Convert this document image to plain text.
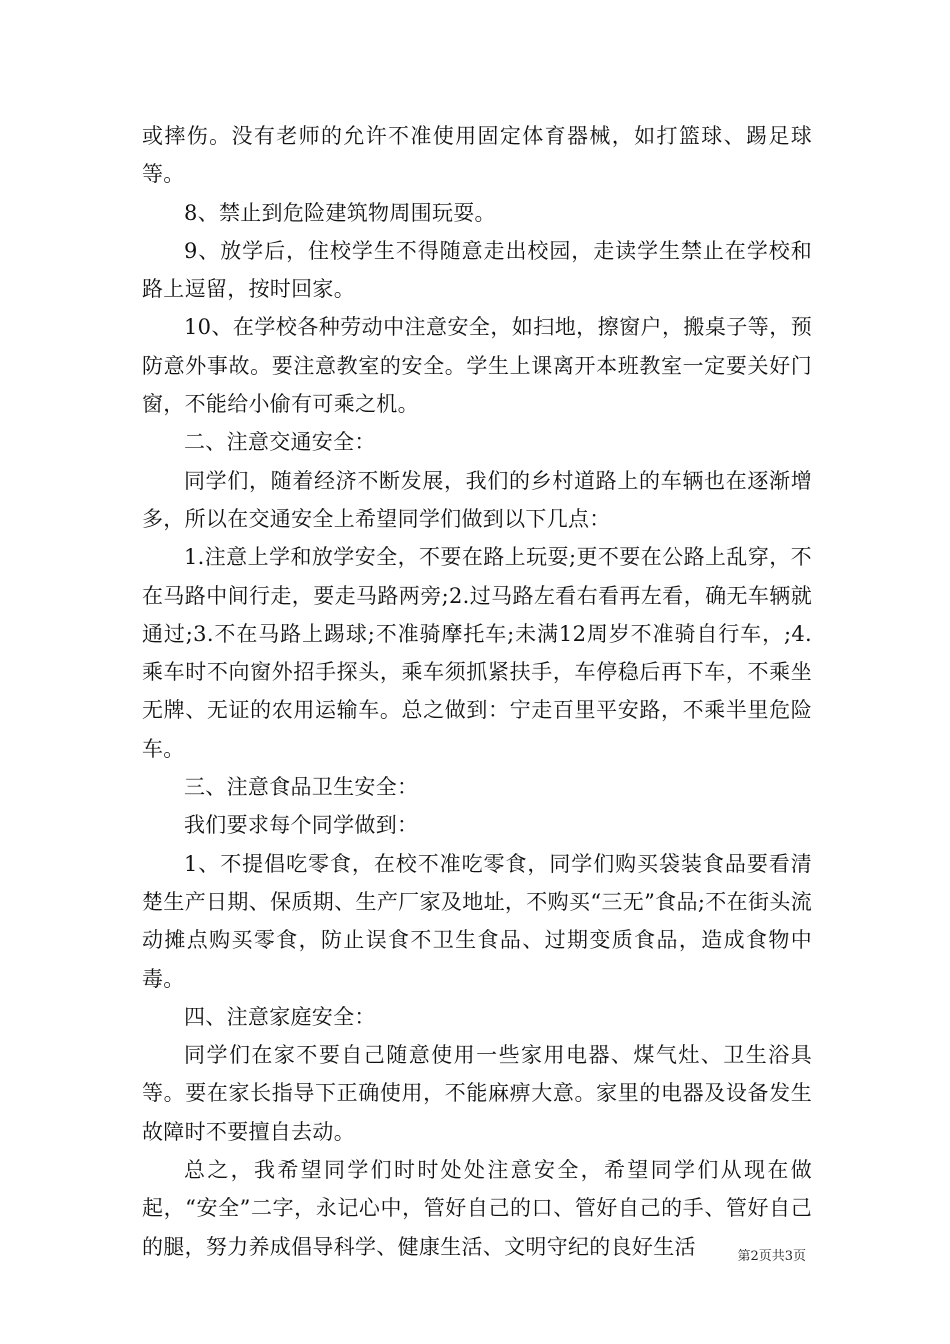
或摔伤。没有老师的允许不准使用固定体育器械，如打篮球、踢足球等。

8、禁止到危险建筑物周围玩耍。

9、放学后，住校学生不得随意走出校园，走读学生禁止在学校和路上逗留，按时回家。

10、在学校各种劳动中注意安全，如扫地，擦窗户，搬桌子等，预防意外事故。要注意教室的安全。学生上课离开本班教室一定要关好门窗，不能给小偷有可乘之机。

二、注意交通安全：

同学们，随着经济不断发展，我们的乡村道路上的车辆也在逐渐增多，所以在交通安全上希望同学们做到以下几点：

1.注意上学和放学安全，不要在路上玩耍;更不要在公路上乱穿，不在马路中间行走，要走马路两旁;2.过马路左看右看再左看，确无车辆就通过;3.不在马路上踢球;不准骑摩托车;未满12周岁不准骑自行车，;4.乘车时不向窗外招手探头，乘车须抓紧扶手，车停稳后再下车，不乘坐无牌、无证的农用运输车。总之做到：宁走百里平安路，不乘半里危险车。

三、注意食品卫生安全：

我们要求每个同学做到：

1、不提倡吃零食，在校不准吃零食，同学们购买袋装食品要看清楚生产日期、保质期、生产厂家及地址，不购买“三无”食品;不在街头流动摊点购买零食，防止误食不卫生食品、过期变质食品，造成食物中毒。

四、注意家庭安全：

同学们在家不要自己随意使用一些家用电器、煤气灶、卫生浴具等。要在家长指导下正确使用，不能麻痹大意。家里的电器及设备发生故障时不要擅自去动。

总之，我希望同学们时时处处注意安全，希望同学们从现在做起，“安全”二字，永记心中，管好自己的口、管好自己的手、管好自己的腿，努力养成倡导科学、健康生活、文明守纪的良好生活	第2页共3页
